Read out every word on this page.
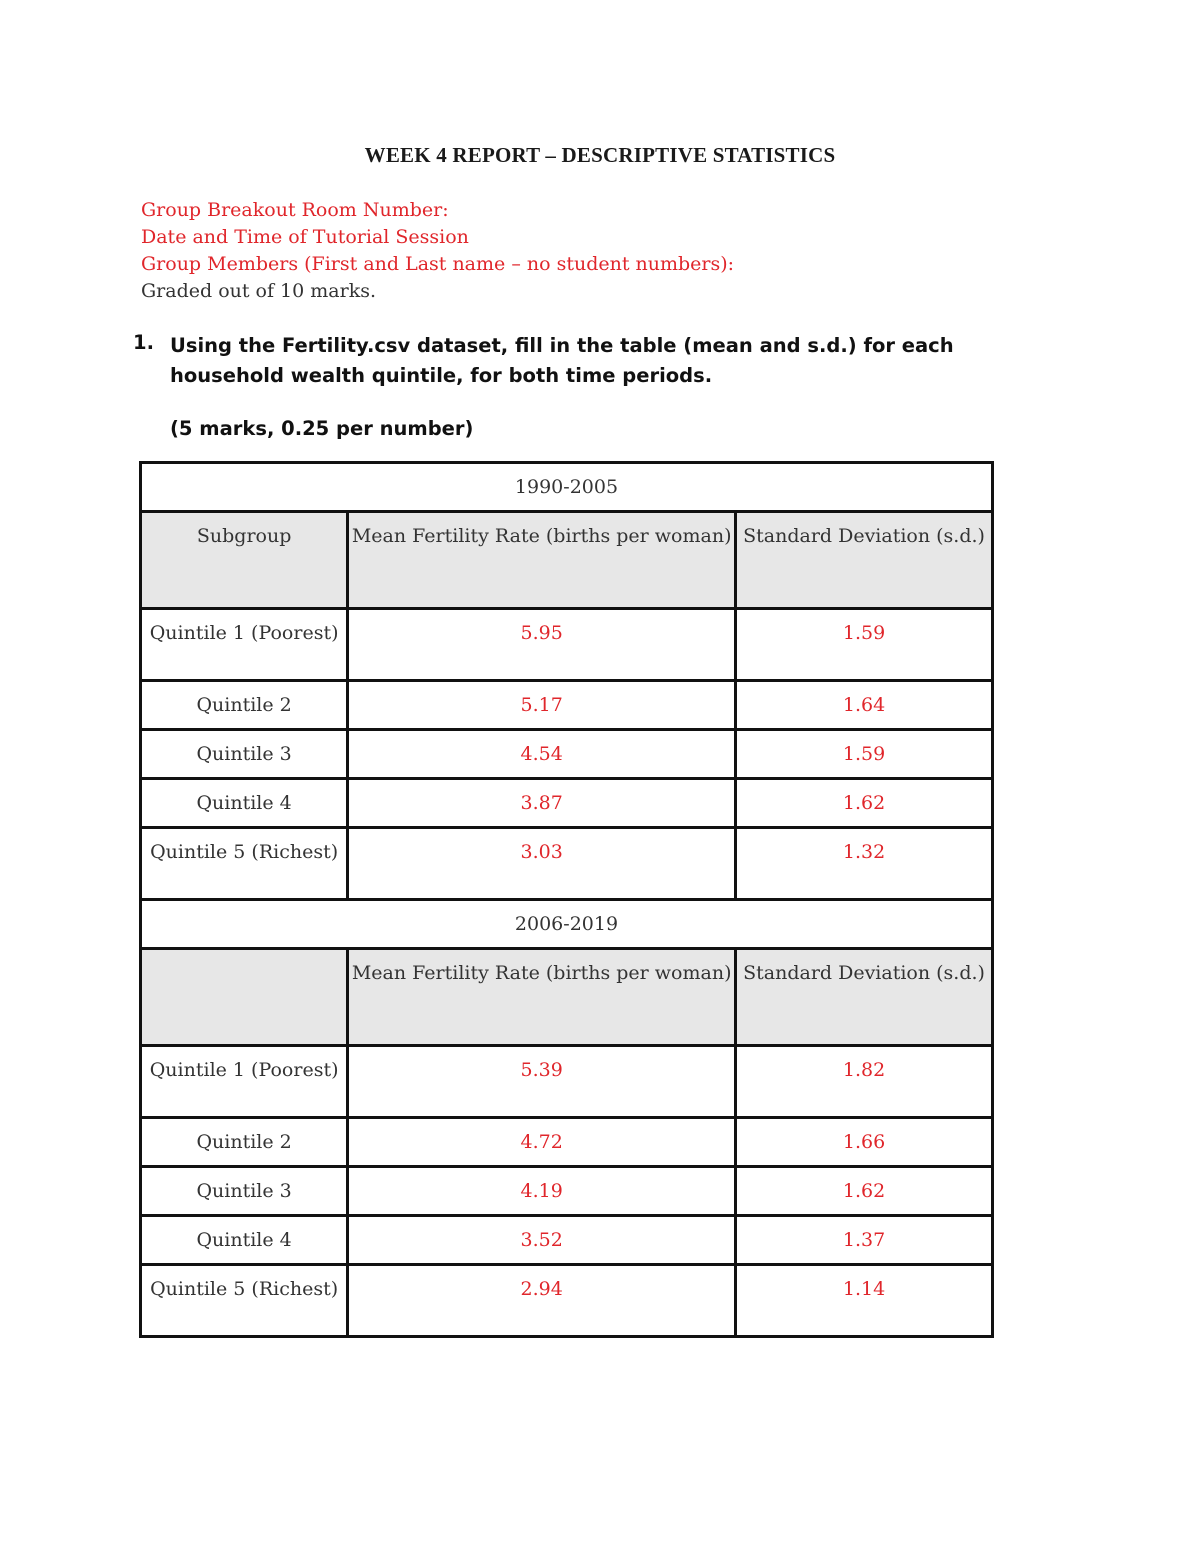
WEEK 4 REPORT – DESCRIPTIVE STATISTICS
Group Breakout Room Number:
Date and Time of Tutorial Session
Group Members (First and Last name – no student numbers):
Graded out of 10 marks.
1. Using the Fertility.csv dataset, fill in the table (mean and s.d.) for each household wealth quintile, for both time periods.
(5 marks, 0.25 per number)
1990-2005		
Subgroup	Mean Fertility Rate (births per woman)	Standard Deviation (s.d.)
Quintile 1 (Poorest)	5.95	1.59
Quintile 2	5.17	1.64
Quintile 3	4.54	1.59
Quintile 4	3.87	1.62
Quintile 5 (Richest)	3.03	1.32
2006-2019		
	Mean Fertility Rate (births per woman)	Standard Deviation (s.d.)
Quintile 1 (Poorest)	5.39	1.82
Quintile 2	4.72	1.66
Quintile 3	4.19	1.62
Quintile 4	3.52	1.37
Quintile 5 (Richest)	2.94	1.14
